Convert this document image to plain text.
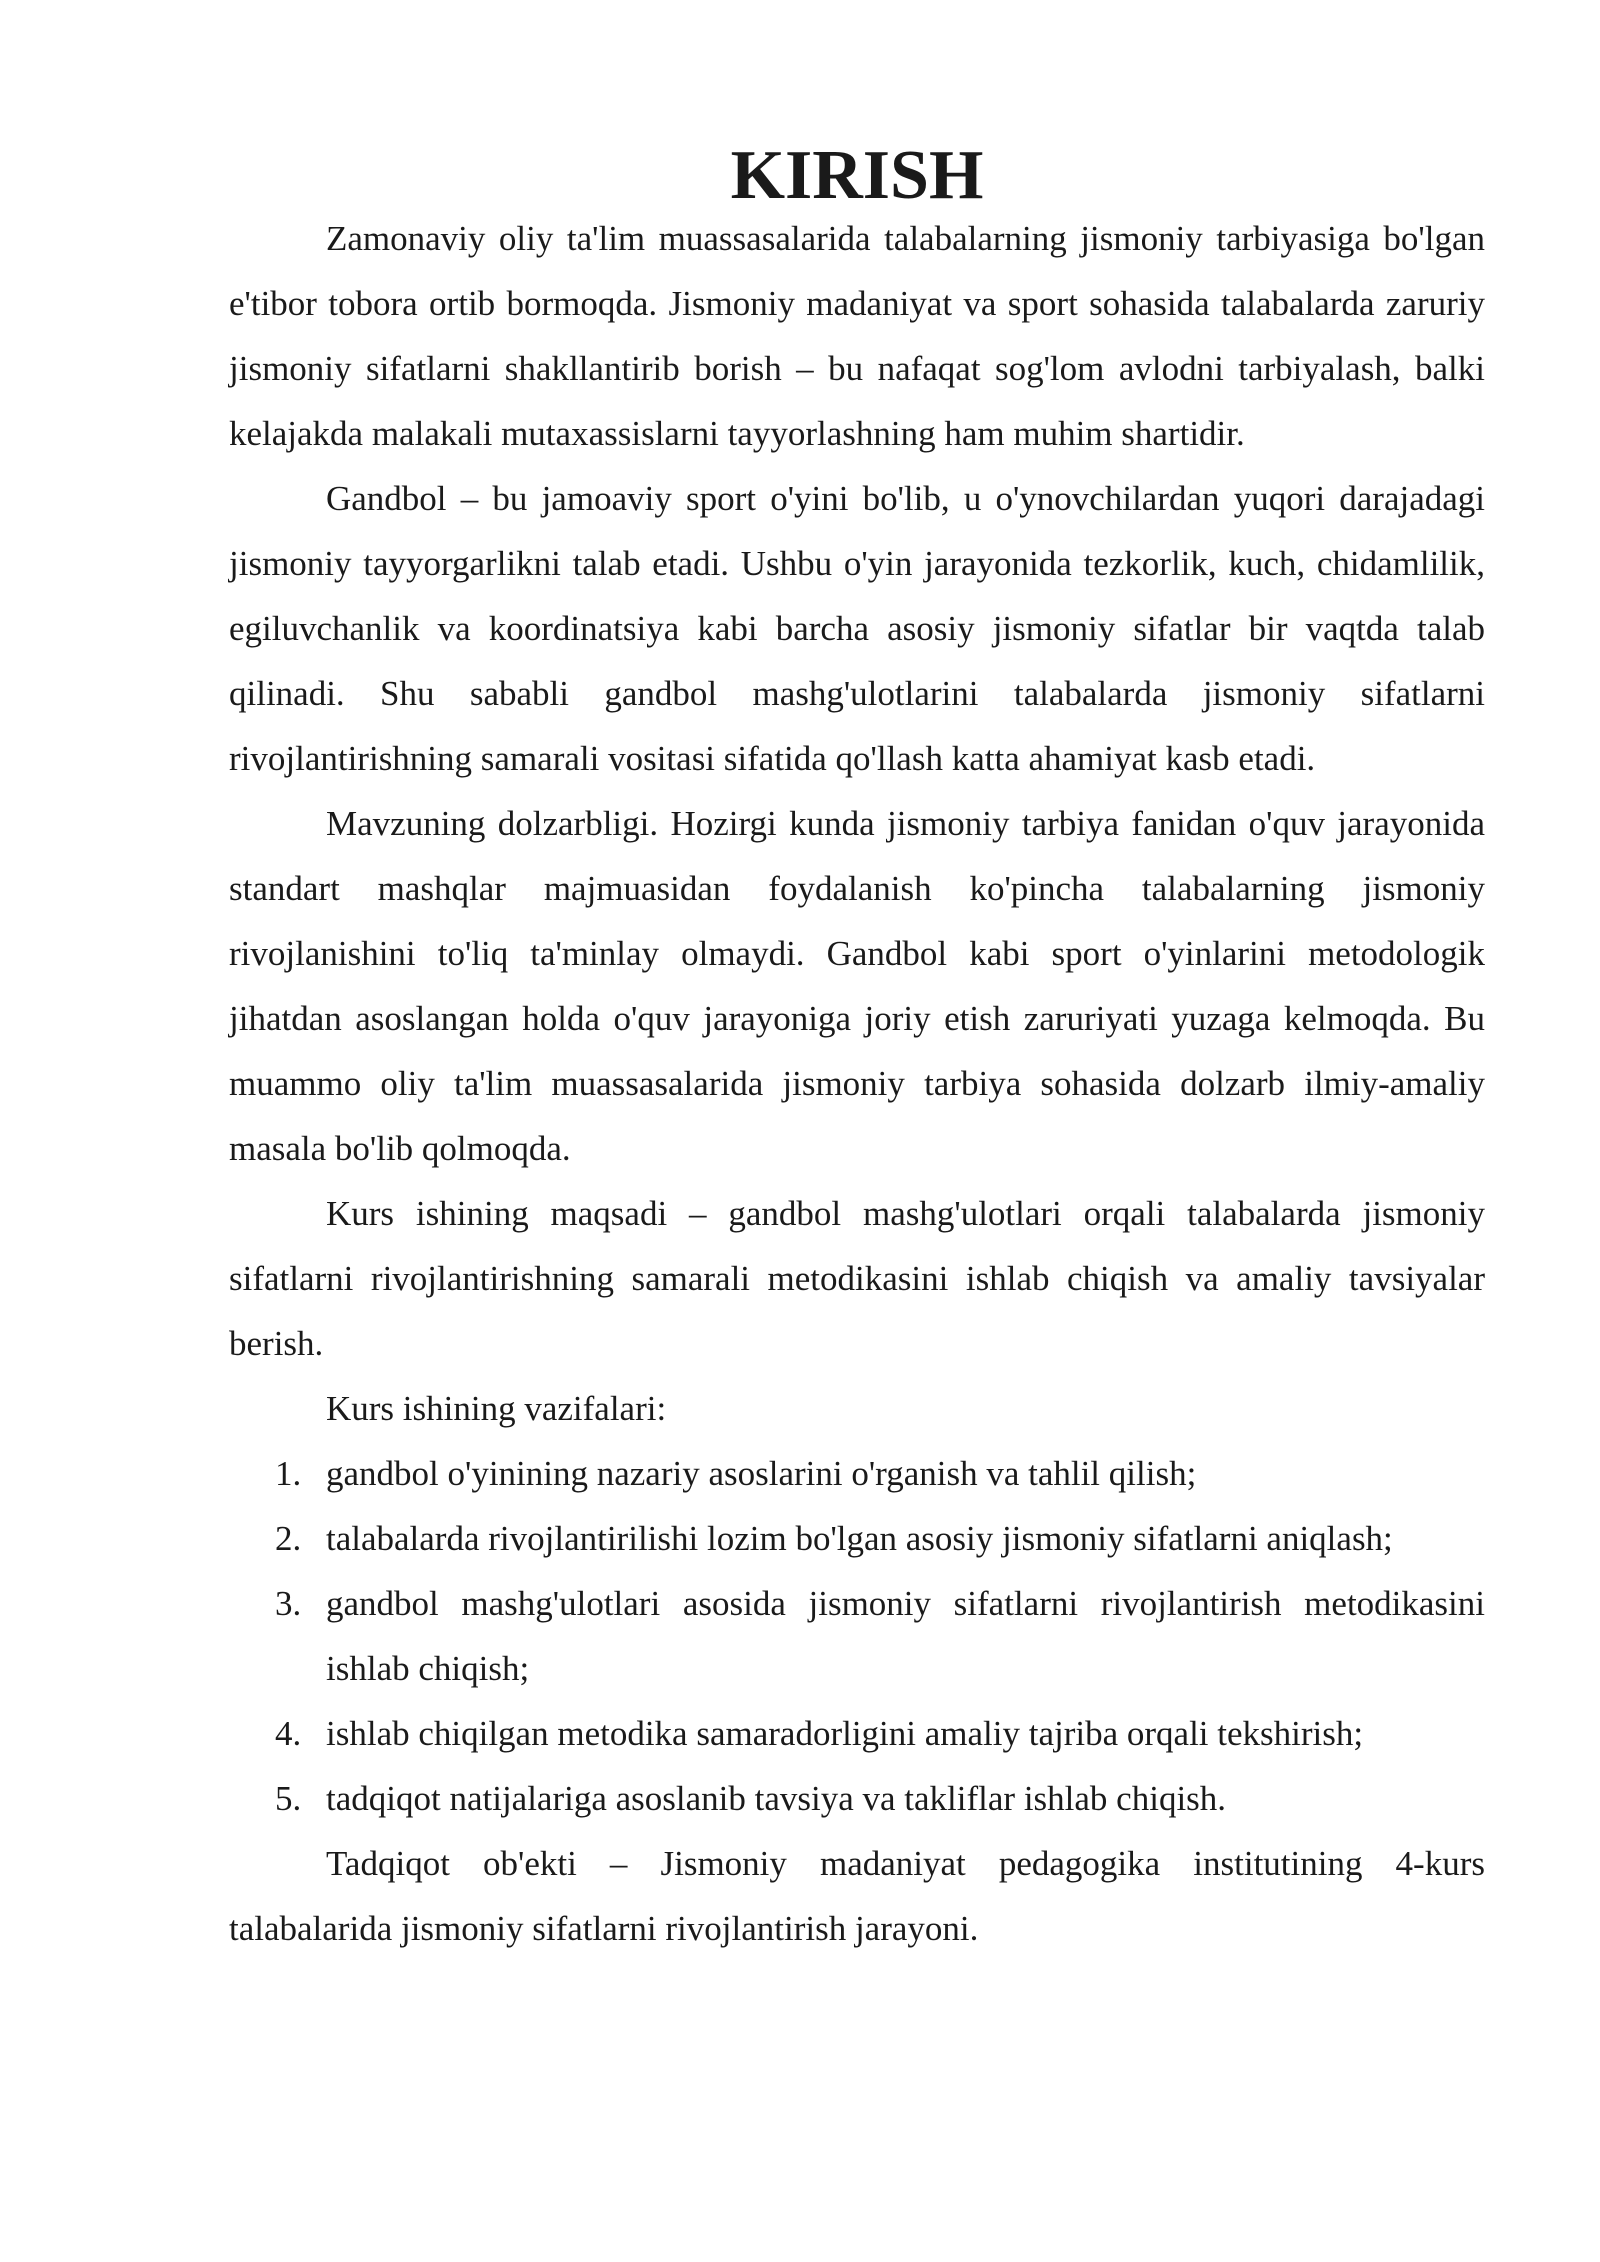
KIRISH

Zamonaviy oliy ta'lim muassasalarida talabalarning jismoniy tarbiyasiga bo'lgan e'tibor tobora ortib bormoqda. Jismoniy madaniyat va sport sohasida talabalarda zaruriy jismoniy sifatlarni shakllantirib borish – bu nafaqat sog'lom avlodni tarbiyalash, balki kelajakda malakali mutaxassislarni tayyorlashning ham muhim shartidir.

Gandbol – bu jamoaviy sport o'yini bo'lib, u o'ynovchilardan yuqori darajadagi jismoniy tayyorgarlikni talab etadi. Ushbu o'yin jarayonida tezkorlik, kuch, chidamlilik, egiluvchanlik va koordinatsiya kabi barcha asosiy jismoniy sifatlar bir vaqtda talab qilinadi. Shu sababli gandbol mashg'ulotlarini talabalarda jismoniy sifatlarni rivojlantirishning samarali vositasi sifatida qo'llash katta ahamiyat kasb etadi.

Mavzuning dolzarbligi. Hozirgi kunda jismoniy tarbiya fanidan o'quv jarayonida standart mashqlar majmuasidan foydalanish ko'pincha talabalarning jismoniy rivojlanishini to'liq ta'minlay olmaydi. Gandbol kabi sport o'yinlarini metodologik jihatdan asoslangan holda o'quv jarayoniga joriy etish zaruriyati yuzaga kelmoqda. Bu muammo oliy ta'lim muassasalarida jismoniy tarbiya sohasida dolzarb ilmiy-amaliy masala bo'lib qolmoqda.

Kurs ishining maqsadi – gandbol mashg'ulotlari orqali talabalarda jismoniy sifatlarni rivojlantirishning samarali metodikasini ishlab chiqish va amaliy tavsiyalar berish.

Kurs ishining vazifalari:

1. gandbol o'yinining nazariy asoslarini o'rganish va tahlil qilish;
2. talabalarda rivojlantirilishi lozim bo'lgan asosiy jismoniy sifatlarni aniqlash;
3. gandbol mashg'ulotlari asosida jismoniy sifatlarni rivojlantirish metodikasini ishlab chiqish;
4. ishlab chiqilgan metodika samaradorligini amaliy tajriba orqali tekshirish;
5. tadqiqot natijalariga asoslanib tavsiya va takliflar ishlab chiqish.

Tadqiqot ob'ekti – Jismoniy madaniyat pedagogika institutining 4-kurs talabalarida jismoniy sifatlarni rivojlantirish jarayoni.
